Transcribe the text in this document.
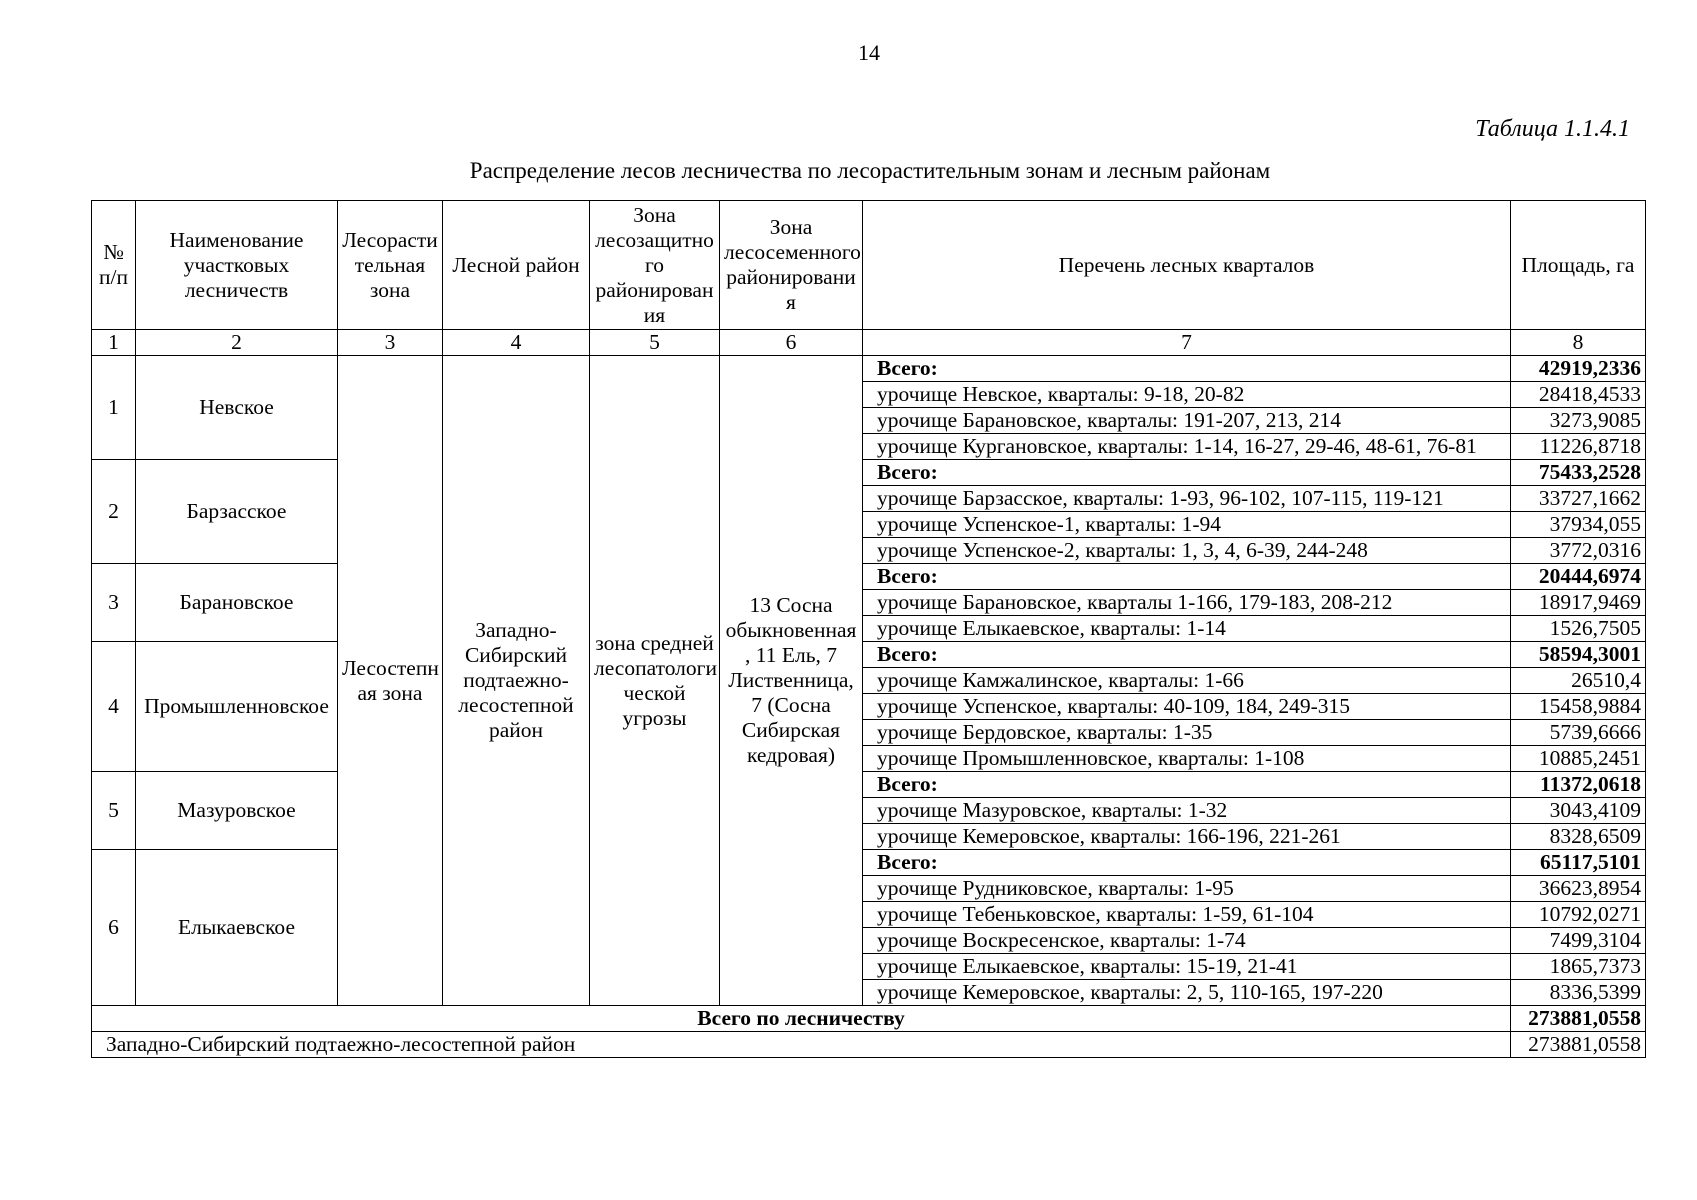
14
Таблица 1.1.4.1
Распределение лесов лесничества по лесорастительным зонам и лесным районам
№ п/п	Наименование участковых лесничеств	Лесорасти тельная зона	Лесной район	Зона лесозащитно го районирован ия	Зона лесосеменного районировани я	Перечень лесных кварталов	Площадь, га
1	2	3	4	5	6	7	8
1	Невское	Лесостепн ая зона	Западно-Сибирский подтаежно-лесостепной район	зона средней лесопатологи ческой угрозы	13 Сосна обыкновенная , 11 Ель, 7 Лиственница, 7 (Сосна Сибирская кедровая)	Всего:	42919,2336
						урочище Невское, кварталы: 9-18, 20-82	28418,4533
						урочище Барановское, кварталы: 191-207, 213, 214	3273,9085
						урочище Кургановское, кварталы: 1-14, 16-27, 29-46, 48-61, 76-81	11226,8718
2	Барзасское					Всего:	75433,2528
						урочище Барзасское, кварталы: 1-93, 96-102, 107-115, 119-121	33727,1662
						урочище Успенское-1, кварталы: 1-94	37934,055
						урочище Успенское-2, кварталы: 1, 3, 4, 6-39, 244-248	3772,0316
3	Барановское					Всего:	20444,6974
						урочище Барановское, кварталы 1-166, 179-183, 208-212	18917,9469
						урочище Елыкаевское, кварталы: 1-14	1526,7505
4	Промышленновское					Всего:	58594,3001
						урочище Камжалинское, кварталы: 1-66	26510,4
						урочище Успенское, кварталы: 40-109, 184, 249-315	15458,9884
						урочище Бердовское, кварталы: 1-35	5739,6666
						урочище Промышленновское, кварталы: 1-108	10885,2451
5	Мазуровское					Всего:	11372,0618
						урочище Мазуровское, кварталы: 1-32	3043,4109
						урочище Кемеровское, кварталы: 166-196, 221-261	8328,6509
6	Елыкаевское					Всего:	65117,5101
						урочище Рудниковское, кварталы: 1-95	36623,8954
						урочище Тебеньковское, кварталы: 1-59, 61-104	10792,0271
						урочище Воскресенское, кварталы: 1-74	7499,3104
						урочище Елыкаевское, кварталы: 15-19, 21-41	1865,7373
						урочище Кемеровское, кварталы: 2, 5, 110-165, 197-220	8336,5399
Всего по лесничеству							273881,0558
Западно-Сибирский подтаежно-лесостепной район							273881,0558
